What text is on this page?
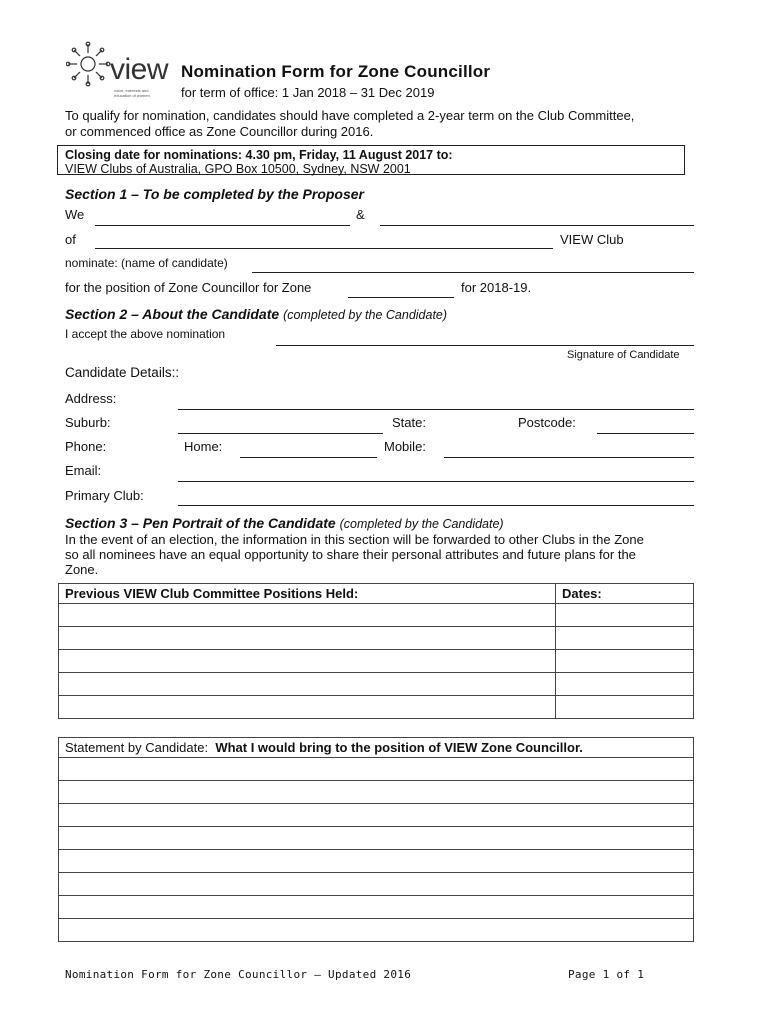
view
voice, interests and education of women
Nomination Form for Zone Councillor
for term of office: 1 Jan 2018 – 31 Dec 2019
To qualify for nomination, candidates should have completed a 2-year term on the Club Committee,
or commenced office as Zone Councillor during 2016.
Closing date for nominations: 4.30 pm, Friday, 11 August 2017 to:
VIEW Clubs of Australia, GPO Box 10500, Sydney, NSW 2001
Section 1 – To be completed by the Proposer
We	&
of	VIEW Club
nominate: (name of candidate)
for the position of Zone Councillor for Zone	for 2018-19.
Section 2 – About the Candidate (completed by the Candidate)
I accept the above nomination
Signature of Candidate
Candidate Details::
Address:
Suburb:	State:	Postcode:
Phone:	Home:	Mobile:
Email:
Primary Club:
Section 3 – Pen Portrait of the Candidate (completed by the Candidate)
In the event of an election, the information in this section will be forwarded to other Clubs in the Zone
so all nominees have an equal opportunity to share their personal attributes and future plans for the
Zone.
Previous VIEW Club Committee Positions Held:	Dates:

Statement by Candidate: What I would bring to the position of VIEW Zone Councillor.

Nomination Form for Zone Councillor – Updated 2016	Page 1 of 1
